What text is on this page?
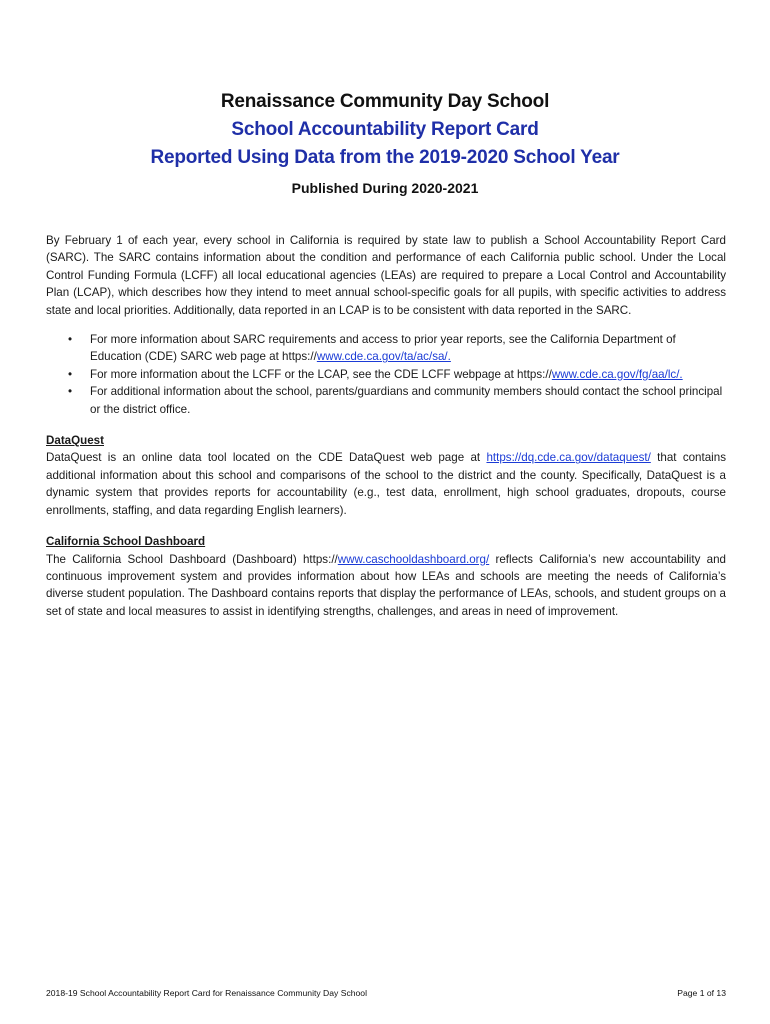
Renaissance Community Day School
School Accountability Report Card
Reported Using Data from the 2019-2020 School Year
Published During 2020-2021

By February 1 of each year, every school in California is required by state law to publish a School Accountability Report Card (SARC). The SARC contains information about the condition and performance of each California public school. Under the Local Control Funding Formula (LCFF) all local educational agencies (LEAs) are required to prepare a Local Control and Accountability Plan (LCAP), which describes how they intend to meet annual school-specific goals for all pupils, with specific activities to address state and local priorities. Additionally, data reported in an LCAP is to be consistent with data reported in the SARC.

• For more information about SARC requirements and access to prior year reports, see the California Department of Education (CDE) SARC web page at https://www.cde.ca.gov/ta/ac/sa/.
• For more information about the LCFF or the LCAP, see the CDE LCFF webpage at https://www.cde.ca.gov/fg/aa/lc/.
• For additional information about the school, parents/guardians and community members should contact the school principal or the district office.
DataQuest

DataQuest is an online data tool located on the CDE DataQuest web page at https://dq.cde.ca.gov/dataquest/ that contains additional information about this school and comparisons of the school to the district and the county. Specifically, DataQuest is a dynamic system that provides reports for accountability (e.g., test data, enrollment, high school graduates, dropouts, course enrollments, staffing, and data regarding English learners).

California School Dashboard

The California School Dashboard (Dashboard) https://www.caschooldashboard.org/ reflects California’s new accountability and continuous improvement system and provides information about how LEAs and schools are meeting the needs of California’s diverse student population. The Dashboard contains reports that display the performance of LEAs, schools, and student groups on a set of state and local measures to assist in identifying strengths, challenges, and areas in need of improvement.

2018-19 School Accountability Report Card for Renaissance Community Day School	Page 1 of 13
